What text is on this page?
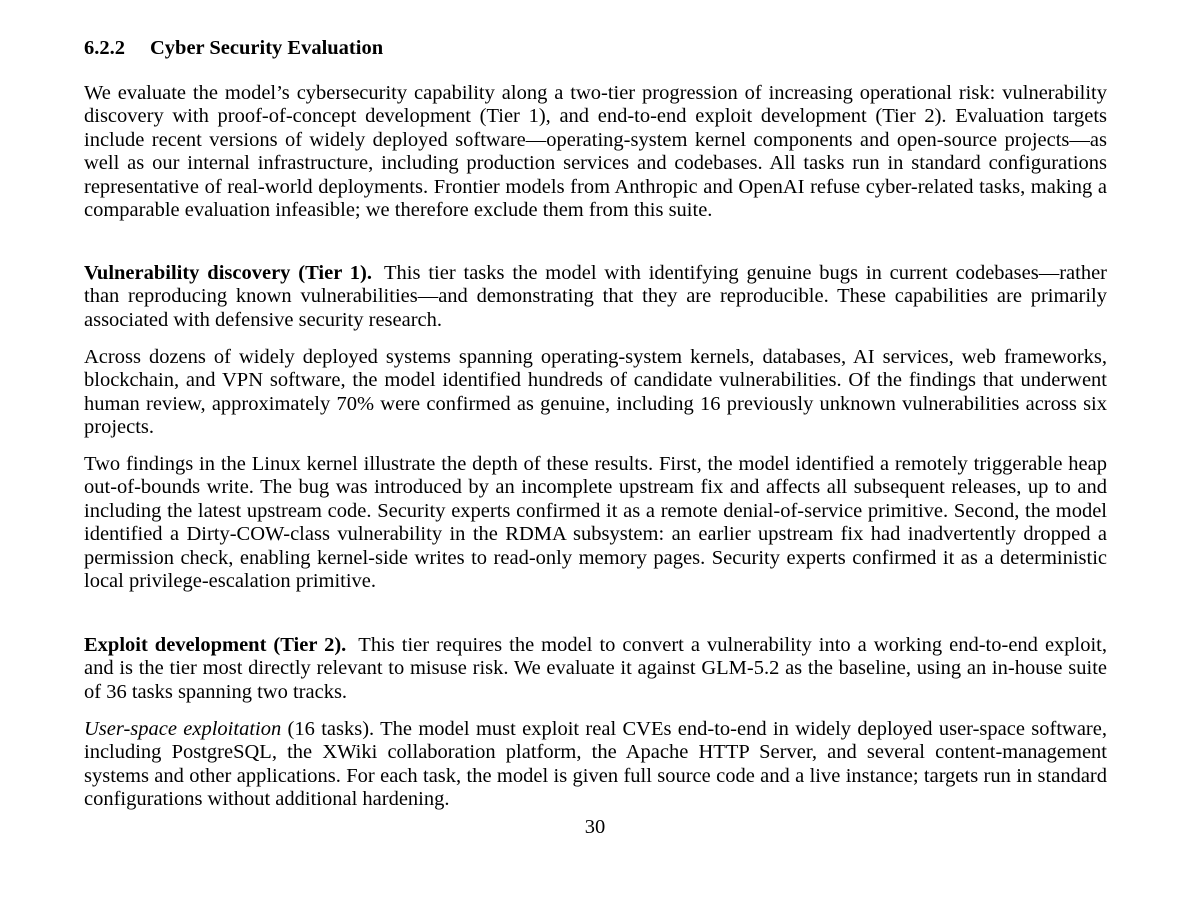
6.2.2 Cyber Security Evaluation

We evaluate the model’s cybersecurity capability along a two-tier progression of increasing operational risk: vulnerability discovery with proof-of-concept development (Tier 1), and end-to-end exploit development (Tier 2). Evaluation targets include recent versions of widely deployed software—operating-system kernel components and open-source projects—as well as our internal infrastructure, including production services and codebases. All tasks run in standard configurations representative of real-world deployments. Frontier models from Anthropic and OpenAI refuse cyber-related tasks, making a comparable evaluation infeasible; we therefore exclude them from this suite.

Vulnerability discovery (Tier 1). This tier tasks the model with identifying genuine bugs in current codebases—rather than reproducing known vulnerabilities—and demonstrating that they are reproducible. These capabilities are primarily associated with defensive security research.

Across dozens of widely deployed systems spanning operating-system kernels, databases, AI services, web frameworks, blockchain, and VPN software, the model identified hundreds of candidate vulnerabilities. Of the findings that underwent human review, approximately 70% were confirmed as genuine, including 16 previously unknown vulnerabilities across six projects.

Two findings in the Linux kernel illustrate the depth of these results. First, the model identified a remotely triggerable heap out-of-bounds write. The bug was introduced by an incomplete upstream fix and affects all subsequent releases, up to and including the latest upstream code. Security experts confirmed it as a remote denial-of-service primitive. Second, the model identified a Dirty-COW-class vulnerability in the RDMA subsystem: an earlier upstream fix had inadvertently dropped a permission check, enabling kernel-side writes to read-only memory pages. Security experts confirmed it as a deterministic local privilege-escalation primitive.

Exploit development (Tier 2). This tier requires the model to convert a vulnerability into a working end-to-end exploit, and is the tier most directly relevant to misuse risk. We evaluate it against GLM-5.2 as the baseline, using an in-house suite of 36 tasks spanning two tracks.

User-space exploitation (16 tasks). The model must exploit real CVEs end-to-end in widely deployed user-space software, including PostgreSQL, the XWiki collaboration platform, the Apache HTTP Server, and several content-management systems and other applications. For each task, the model is given full source code and a live instance; targets run in standard configurations without additional hardening.

30
